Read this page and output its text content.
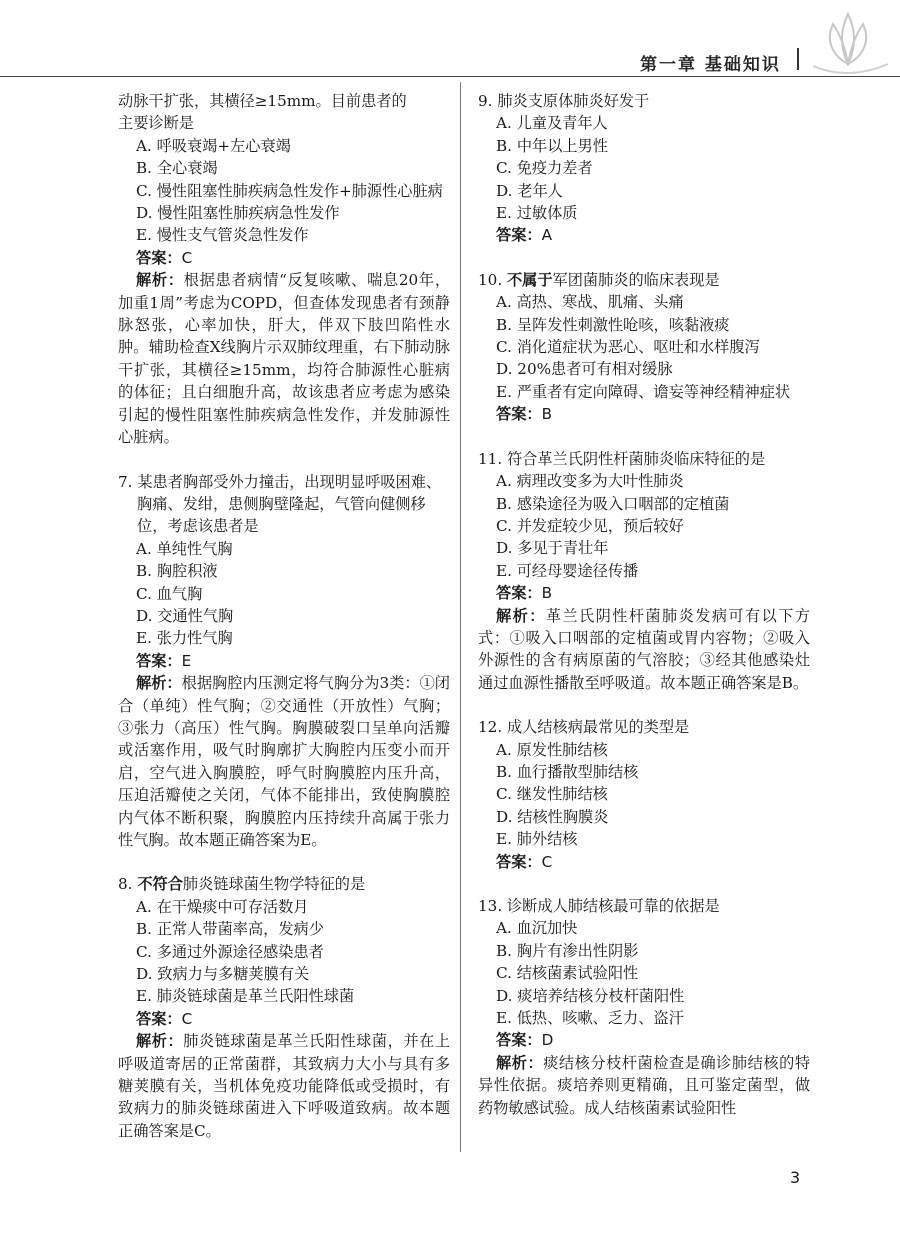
第一章 基础知识
动脉干扩张，其横径≥15mm。目前患者的
主要诊断是
A. 呼吸衰竭+左心衰竭
B. 全心衰竭
C. 慢性阻塞性肺疾病急性发作+肺源性心脏病
D. 慢性阻塞性肺疾病急性发作
E. 慢性支气管炎急性发作
答案：C
解析：根据患者病情“反复咳嗽、喘息20年，加重1周”考虑为COPD，但查体发现患者有颈静脉怒张，心率加快，肝大，伴双下肢凹陷性水肿。辅助检查X线胸片示双肺纹理重，右下肺动脉干扩张，其横径≥15mm，均符合肺源性心脏病的体征；且白细胞升高，故该患者应考虑为感染引起的慢性阻塞性肺疾病急性发作，并发肺源性心脏病。
7. 某患者胸部受外力撞击，出现明显呼吸困难、胸痛、发绀，患侧胸壁隆起，气管向健侧移位，考虑该患者是
A. 单纯性气胸
B. 胸腔积液
C. 血气胸
D. 交通性气胸
E. 张力性气胸
答案：E
解析：根据胸腔内压测定将气胸分为3类：①闭合（单纯）性气胸；②交通性（开放性）气胸；③张力（高压）性气胸。胸膜破裂口呈单向活瓣或活塞作用，吸气时胸廓扩大胸腔内压变小而开启，空气进入胸膜腔，呼气时胸膜腔内压升高，压迫活瓣使之关闭，气体不能排出，致使胸膜腔内气体不断积聚，胸膜腔内压持续升高属于张力性气胸。故本题正确答案为E。
8. 不符合肺炎链球菌生物学特征的是
A. 在干燥痰中可存活数月
B. 正常人带菌率高，发病少
C. 多通过外源途径感染患者
D. 致病力与多糖荚膜有关
E. 肺炎链球菌是革兰氏阳性球菌
答案：C
解析：肺炎链球菌是革兰氏阳性球菌，并在上呼吸道寄居的正常菌群，其致病力大小与具有多糖荚膜有关，当机体免疫功能降低或受损时，有致病力的肺炎链球菌进入下呼吸道致病。故本题正确答案是C。
9. 肺炎支原体肺炎好发于
A. 儿童及青年人
B. 中年以上男性
C. 免疫力差者
D. 老年人
E. 过敏体质
答案：A
10. 不属于军团菌肺炎的临床表现是
A. 高热、寒战、肌痛、头痛
B. 呈阵发性刺激性呛咳，咳黏液痰
C. 消化道症状为恶心、呕吐和水样腹泻
D. 20%患者可有相对缓脉
E. 严重者有定向障碍、谵妄等神经精神症状
答案：B
11. 符合革兰氏阴性杆菌肺炎临床特征的是
A. 病理改变多为大叶性肺炎
B. 感染途径为吸入口咽部的定植菌
C. 并发症较少见，预后较好
D. 多见于青壮年
E. 可经母婴途径传播
答案：B
解析：革兰氏阴性杆菌肺炎发病可有以下方式：①吸入口咽部的定植菌或胃内容物；②吸入外源性的含有病原菌的气溶胶；③经其他感染灶通过血源性播散至呼吸道。故本题正确答案是B。
12. 成人结核病最常见的类型是
A. 原发性肺结核
B. 血行播散型肺结核
C. 继发性肺结核
D. 结核性胸膜炎
E. 肺外结核
答案：C
13. 诊断成人肺结核最可靠的依据是
A. 血沉加快
B. 胸片有渗出性阴影
C. 结核菌素试验阳性
D. 痰培养结核分枝杆菌阳性
E. 低热、咳嗽、乏力、盗汗
答案：D
解析：痰结核分枝杆菌检查是确诊肺结核的特异性依据。痰培养则更精确，且可鉴定菌型，做药物敏感试验。成人结核菌素试验阳性
3
